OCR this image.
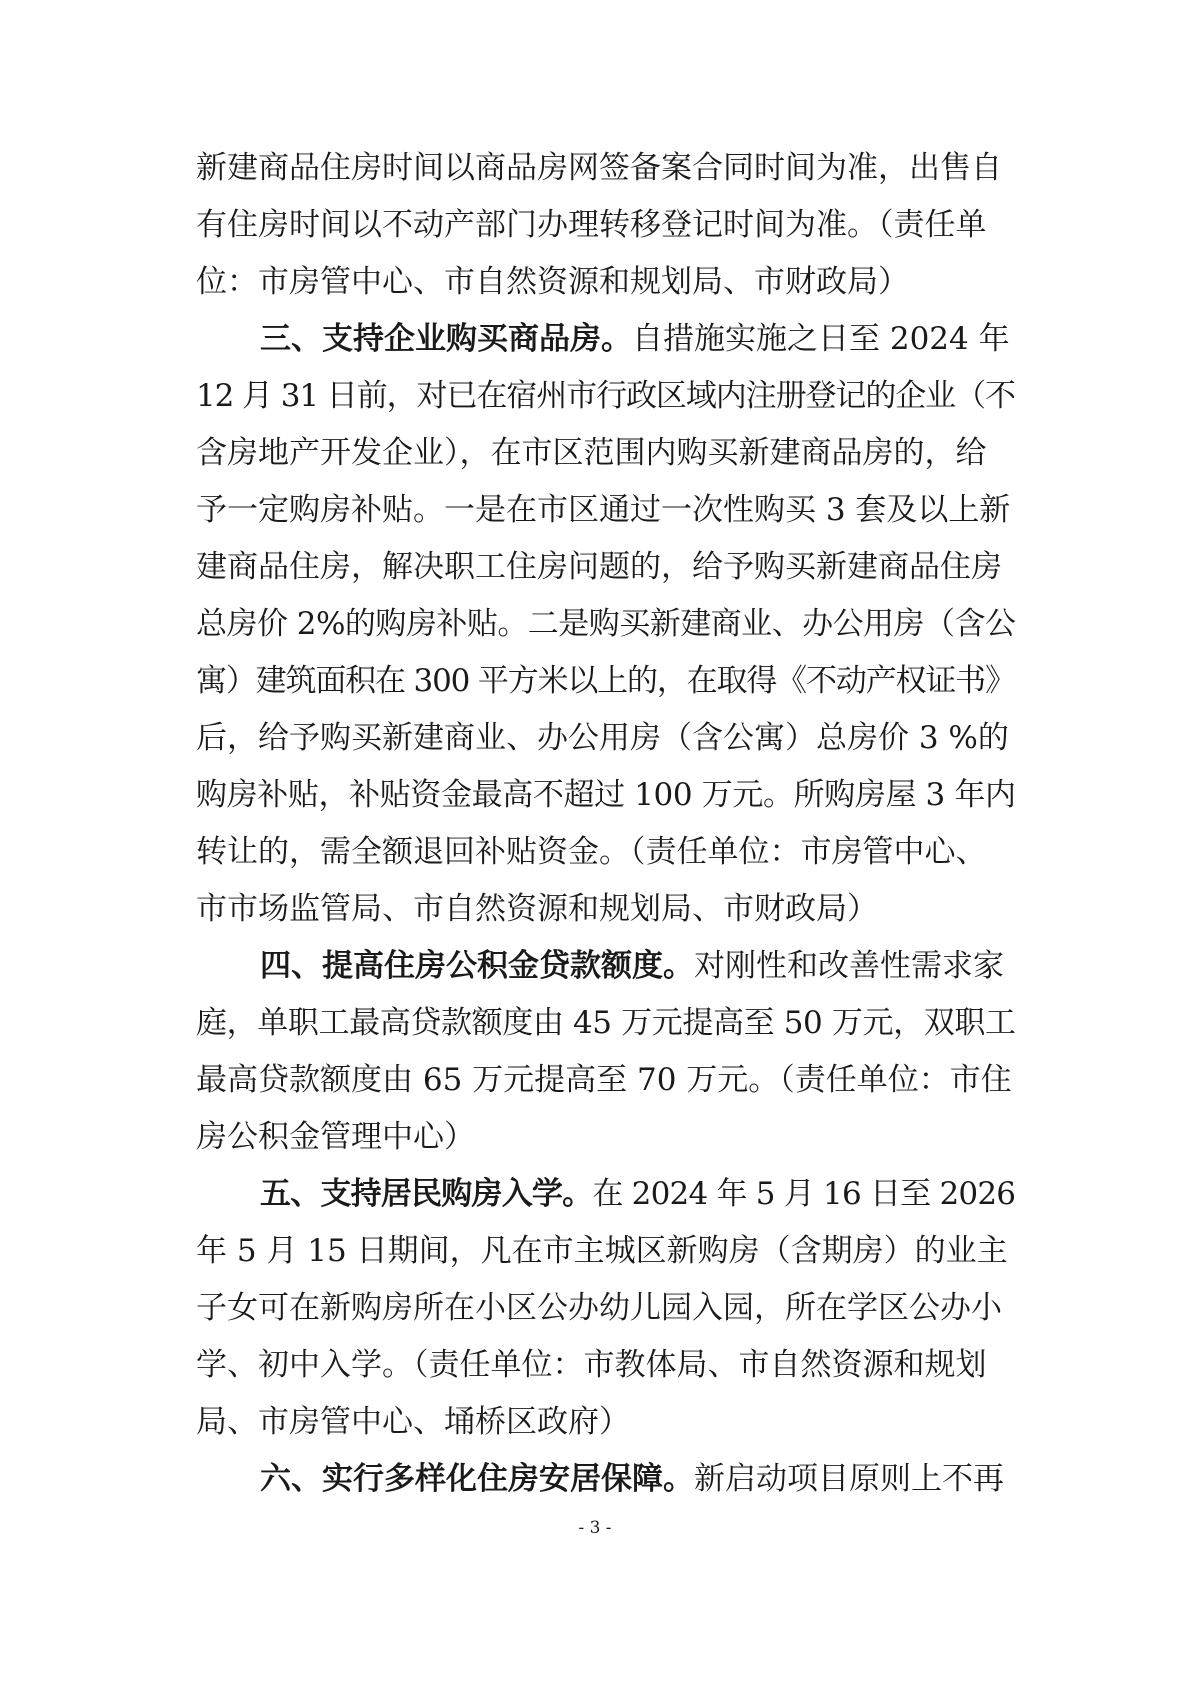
新建商品住房时间以商品房网签备案合同时间为准，出售自
有住房时间以不动产部门办理转移登记时间为准。（责任单
位：市房管中心、市自然资源和规划局、市财政局）
三、支持企业购买商品房。自措施实施之日至 2024 年
12 月 31 日前，对已在宿州市行政区域内注册登记的企业（不
含房地产开发企业），在市区范围内购买新建商品房的，给
予一定购房补贴。一是在市区通过一次性购买 3 套及以上新
建商品住房，解决职工住房问题的，给予购买新建商品住房
总房价 2%的购房补贴。二是购买新建商业、办公用房（含公
寓）建筑面积在 300 平方米以上的，在取得《不动产权证书》
后，给予购买新建商业、办公用房（含公寓）总房价 3 %的
购房补贴，补贴资金最高不超过 100 万元。所购房屋 3 年内
转让的，需全额退回补贴资金。（责任单位：市房管中心、
市市场监管局、市自然资源和规划局、市财政局）
四、提高住房公积金贷款额度。对刚性和改善性需求家
庭，单职工最高贷款额度由 45 万元提高至 50 万元，双职工
最高贷款额度由 65 万元提高至 70 万元。（责任单位：市住
房公积金管理中心）
五、支持居民购房入学。在 2024 年 5 月 16 日至 2026
年 5 月 15 日期间，凡在市主城区新购房（含期房）的业主
子女可在新购房所在小区公办幼儿园入园，所在学区公办小
学、初中入学。（责任单位：市教体局、市自然资源和规划
局、市房管中心、埇桥区政府）
六、实行多样化住房安居保障。新启动项目原则上不再
- 3 -
